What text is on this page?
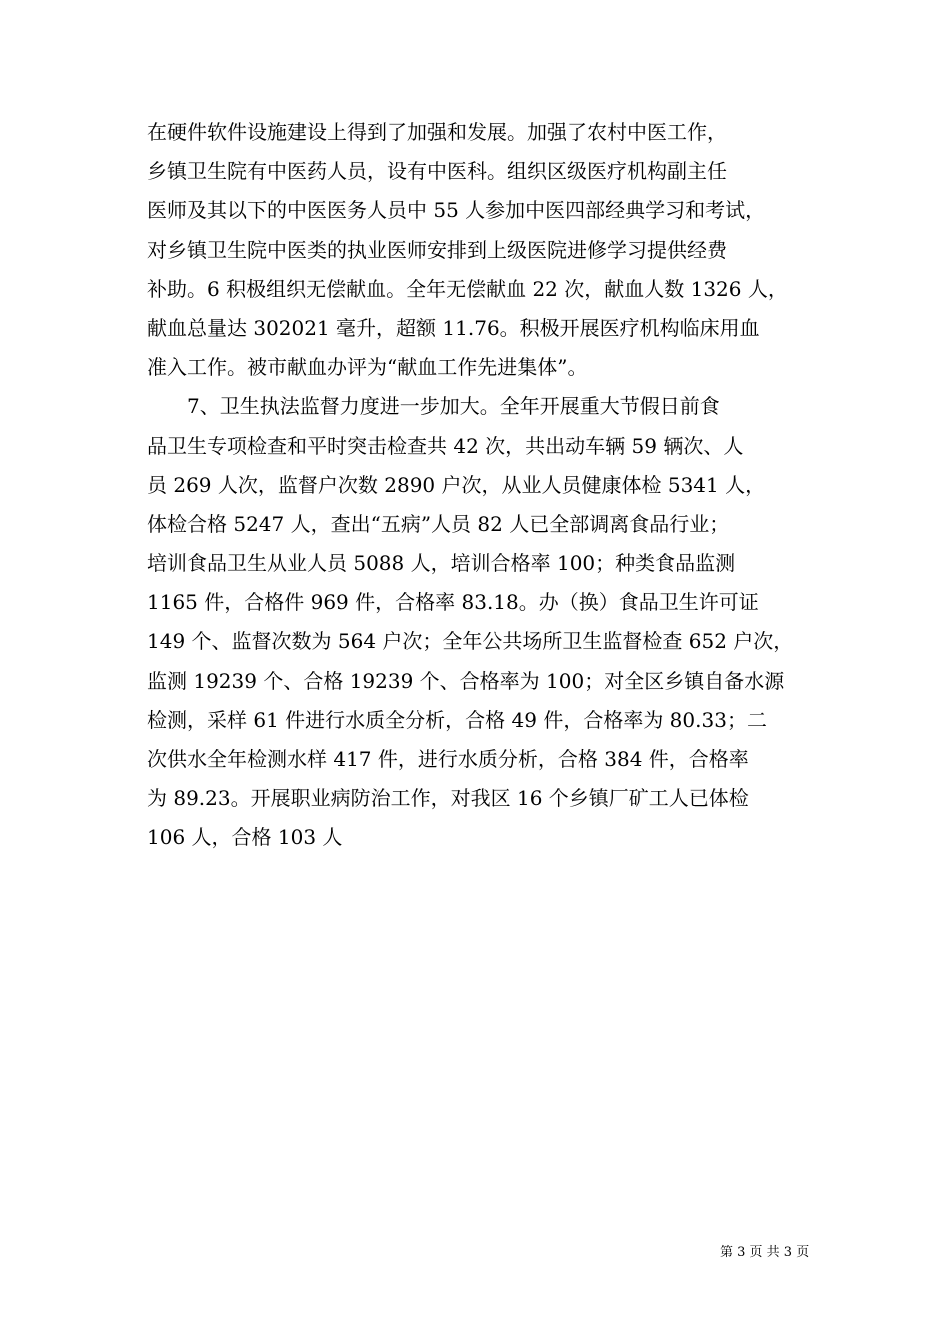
在硬件软件设施建设上得到了加强和发展。加强了农村中医工作，
乡镇卫生院有中医药人员，设有中医科。组织区级医疗机构副主任
医师及其以下的中医医务人员中 55 人参加中医四部经典学习和考试，
对乡镇卫生院中医类的执业医师安排到上级医院进修学习提供经费
补助。6 积极组织无偿献血。全年无偿献血 22 次，献血人数 1326 人，
献血总量达 302021 毫升，超额 11.76。积极开展医疗机构临床用血
准入工作。被市献血办评为“献血工作先进集体”。
　　7、卫生执法监督力度进一步加大。全年开展重大节假日前食
品卫生专项检查和平时突击检查共 42 次，共出动车辆 59 辆次、人
员 269 人次，监督户次数 2890 户次，从业人员健康体检 5341 人，
体检合格 5247 人，查出“五病”人员 82 人已全部调离食品行业；
培训食品卫生从业人员 5088 人，培训合格率 100；种类食品监测
1165 件，合格件 969 件，合格率 83.18。办（换）食品卫生许可证
149 个、监督次数为 564 户次；全年公共场所卫生监督检查 652 户次，
监测 19239 个、合格 19239 个、合格率为 100；对全区乡镇自备水源
检测，采样 61 件进行水质全分析，合格 49 件，合格率为 80.33；二
次供水全年检测水样 417 件，进行水质分析，合格 384 件，合格率
为 89.23。开展职业病防治工作，对我区 16 个乡镇厂矿工人已体检
106 人，合格 103 人
第 3 页 共 3 页
